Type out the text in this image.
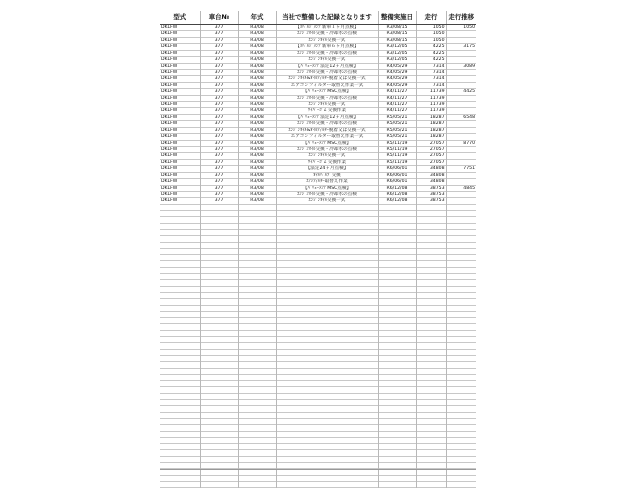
型式	車台№	年式	当社で整備した記録となります	整備実施日	走行	走行推移
DKLFW	377	R3/08	【ｽﾊﾞﾙｼﾞﾒﾝﾃ 新車１ヶ月点検】	R3/08/15	1050	1050
DKLFW	377	R3/08	ｴﾝｼﾞﾝｵｲﾙ交換・冷却水の点検	R3/08/15	1050	
DKLFW	377	R3/08	ｴﾝｼﾞﾝｵｲﾙ交換一式	R3/08/15	1050	
DKLFW	377	R3/08	【ｽﾊﾞﾙｼﾞﾒﾝﾃ 新車６ヶ月点検】	R3/12/05	4225	3175
DKLFW	377	R3/08	ｴﾝｼﾞﾝｵｲﾙ交換・冷却水の点検	R3/12/05	4225	
DKLFW	377	R3/08	ｴﾝｼﾞﾝｵｲﾙ交換一式	R3/12/05	4225	
DKLFW	377	R3/08	【ﾊﾞﾘｭｰﾒﾝﾃ 法定12ヶ月点検】	R4/05/29	7314	3089
DKLFW	377	R3/08	ｴﾝｼﾞﾝｵｲﾙ交換・冷却水の点検	R4/05/29	7314	
DKLFW	377	R3/08	ｴﾝｼﾞﾝｵｲﾙ&ｵｲﾙﾌｨﾙﾀｰ脱着又は交換一式	R4/05/29	7314	
DKLFW	377	R3/08	エアコンフィルター取替え作業一式	R4/05/29	7314	
DKLFW	377	R3/08	【ﾊﾞﾘｭｰﾒﾝﾃ MSC点検】	R4/11/27	11739	4425
DKLFW	377	R3/08	ｴﾝｼﾞﾝｵｲﾙ交換・冷却水の点検	R4/11/27	11739	
DKLFW	377	R3/08	ｴﾝｼﾞﾝｵｲﾙ交換一式	R4/11/27	11739	
DKLFW	377	R3/08	ﾜｲﾊﾟｰｺﾞﾑ 交換作業	R4/11/27	11739	
DKLFW	377	R3/08	【ﾊﾞﾘｭｰﾒﾝﾃ 法定12ヶ月点検】	R5/05/21	18287	6548
DKLFW	377	R3/08	ｴﾝｼﾞﾝｵｲﾙ交換・冷却水の点検	R5/05/21	18287	
DKLFW	377	R3/08	ｴﾝｼﾞﾝｵｲﾙ&ｵｲﾙﾌｨﾙﾀｰ脱着又は交換一式	R5/05/21	18287	
DKLFW	377	R3/08	エアコンフィルター取替え作業一式	R5/05/21	18287	
DKLFW	377	R3/08	【ﾊﾞﾘｭｰﾒﾝﾃ MSC点検】	R5/11/19	27057	8770
DKLFW	377	R3/08	ｴﾝｼﾞﾝｵｲﾙ交換・冷却水の点検	R5/11/19	27057	
DKLFW	377	R3/08	ｴﾝｼﾞﾝｵｲﾙ交換一式	R5/11/19	27057	
DKLFW	377	R3/08	ﾜｲﾊﾟｰｺﾞﾑ 交換作業	R5/11/19	27057	
DKLFW	377	R3/08	【法定24ヶ月点検】	R6/06/01	34808	7751
DKLFW	377	R3/08	ｵｲﾙﾊﾞﾙﾌﾞ交換	R6/06/01	34808	
DKLFW	377	R3/08	ｴｱｼﾌｨﾙﾀｰ取替え作業	R6/06/01	34808	
DKLFW	377	R3/08	【ﾊﾞﾘｭｰﾒﾝﾃ MSC点検】	R6/12/08	38753	4845
DKLFW	377	R3/08	ｴﾝｼﾞﾝｵｲﾙ交換・冷却水の点検	R6/12/08	38753	
DKLFW	377	R3/08	ｴﾝｼﾞﾝｵｲﾙ交換一式	R6/12/08	38753	
